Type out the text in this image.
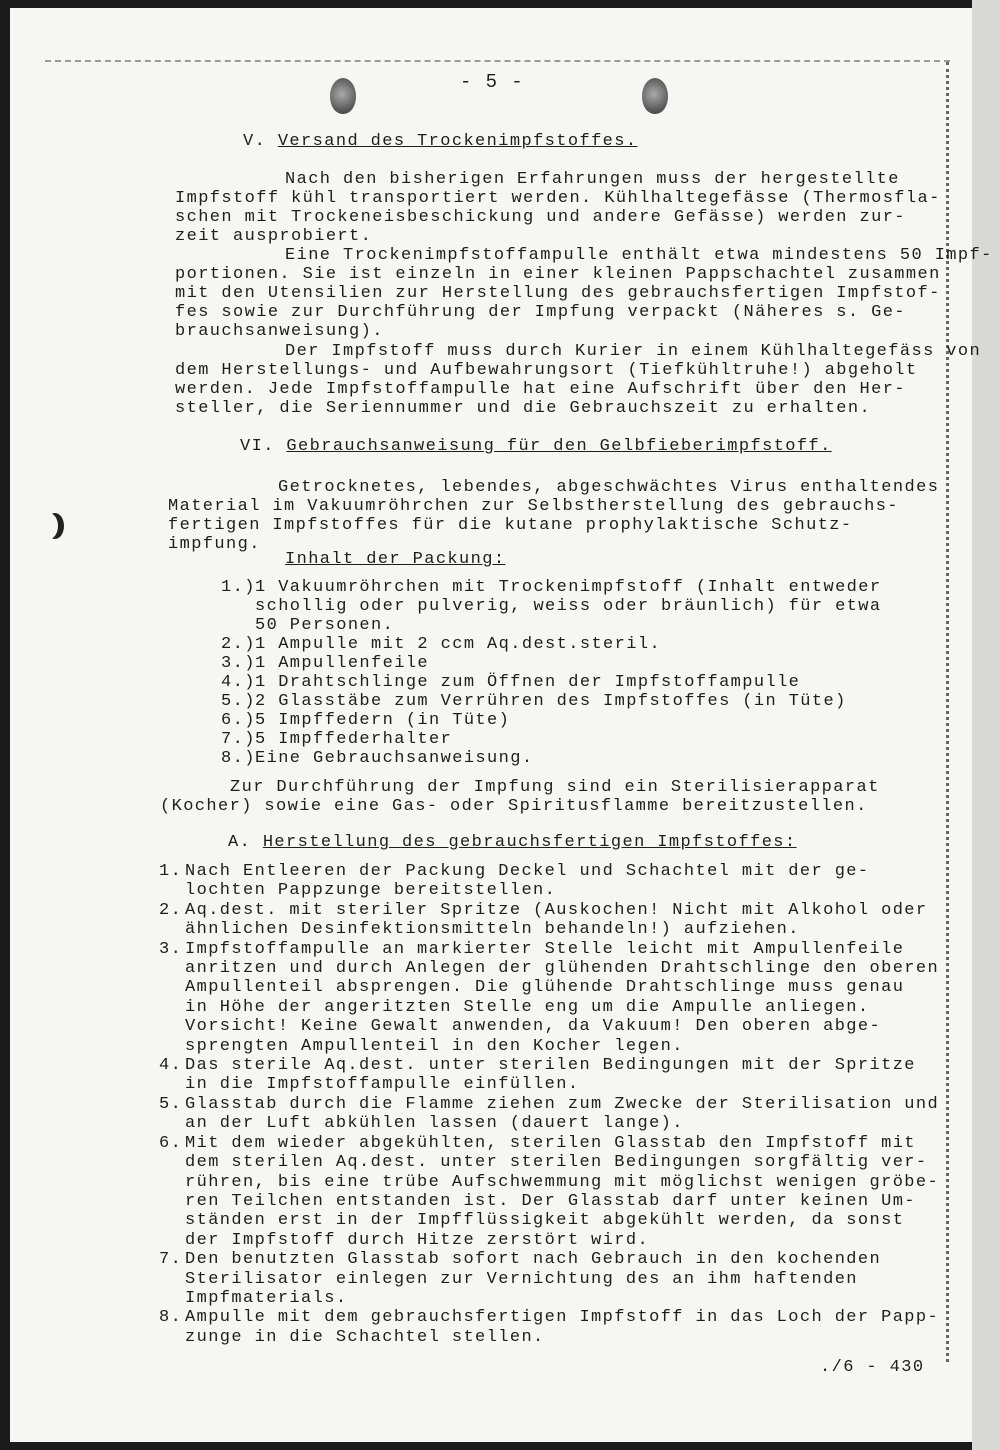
- 5 -
V. Versand des Trockenimpfstoffes.
Nach den bisherigen Erfahrungen muss der hergestellte
Impfstoff kühl transportiert werden. Kühlhaltegefässe (Thermosfla-
schen mit Trockeneisbeschickung und andere Gefässe) werden zur-
zeit ausprobiert.
Eine Trockenimpfstoffampulle enthält etwa mindestens 50 Impf-
portionen. Sie ist einzeln in einer kleinen Pappschachtel zusammen
mit den Utensilien zur Herstellung des gebrauchsfertigen Impfstof-
fes sowie zur Durchführung der Impfung verpackt (Näheres s. Ge-
brauchsanweisung).
Der Impfstoff muss durch Kurier in einem Kühlhaltegefäss von
dem Herstellungs- und Aufbewahrungsort (Tiefkühltruhe!) abgeholt
werden. Jede Impfstoffampulle hat eine Aufschrift über den Her-
steller, die Seriennummer und die Gebrauchszeit zu erhalten.
VI. Gebrauchsanweisung für den Gelbfieberimpfstoff.
Getrocknetes, lebendes, abgeschwächtes Virus enthaltendes
Material im Vakuumröhrchen zur Selbstherstellung des gebrauchs-
fertigen Impfstoffes für die kutane prophylaktische Schutz-
impfung.
Inhalt der Packung:
1.) 1 Vakuumröhrchen mit Trockenimpfstoff (Inhalt entweder
scholli​g oder pulverig, weiss oder bräunlich) für etwa
50 Personen.
2.) 1 Ampulle mit 2 ccm Aq.dest.steril.
3.) 1 Ampullenfeile
4.) 1 Drahtschlinge zum Öffnen der Impfstoffampulle
5.) 2 Glasstäbe zum Verrühren des Impfstoffes (in Tüte)
6.) 5 Impffedern (in Tüte)
7.) 5 Impffederhalter
8.) Eine Gebrauchsanweisung.
Zur Durchführung der Impfung sind ein Sterilisierapparat
(Kocher) sowie eine Gas- oder Spiritusflamme bereitzustellen.
A. Herstellung des gebrauchsfertigen Impfstoffes:
1. Nach Entleeren der Packung Deckel und Schachtel mit der ge-
lochten Pappzunge bereitstellen.
2. Aq.dest. mit steriler Spritze (Auskochen! Nicht mit Alkohol oder
ähnlichen Desinfektionsmitteln behandeln!) aufziehen.
3. Impfstoffampulle an markierter Stelle leicht mit Ampullenfeile
anritzen und durch Anlegen der glühenden Drahtschlinge den oberen
Ampullenteil absprengen. Die glühende Drahtschlinge muss genau
in Höhe der angeritzten Stelle eng um die Ampulle anliegen.
Vorsicht! Keine Gewalt anwenden, da Vakuum! Den oberen abge-
sprengten Ampullenteil in den Kocher legen.
4. Das sterile Aq.dest. unter sterilen Bedingungen mit der Spritze
in die Impfstoffampulle einfüllen.
5. Glasstab durch die Flamme ziehen zum Zwecke der Sterilisation und
an der Luft abkühlen lassen (dauert lange).
6. Mit dem wieder abgekühlten, sterilen Glasstab den Impfstoff mit
dem sterilen Aq.dest. unter sterilen Bedingungen sorgfältig ver-
rühren, bis eine trübe Aufschwemmung mit möglichst wenigen gröbe-
ren Teilchen entstanden ist. Der Glasstab darf unter keinen Um-
ständen erst in der Impfflüssigkeit abgekühlt werden, da sonst
der Impfstoff durch Hitze zerstört wird.
7. Den benutzten Glasstab sofort nach Gebrauch in den kochenden
Sterilisator einlegen zur Vernichtung des an ihm haftenden
Impfmaterials.
8. Ampulle mit dem gebrauchsfertigen Impfstoff in das Loch der Papp-
zunge in die Schachtel stellen.
./6 - 430
